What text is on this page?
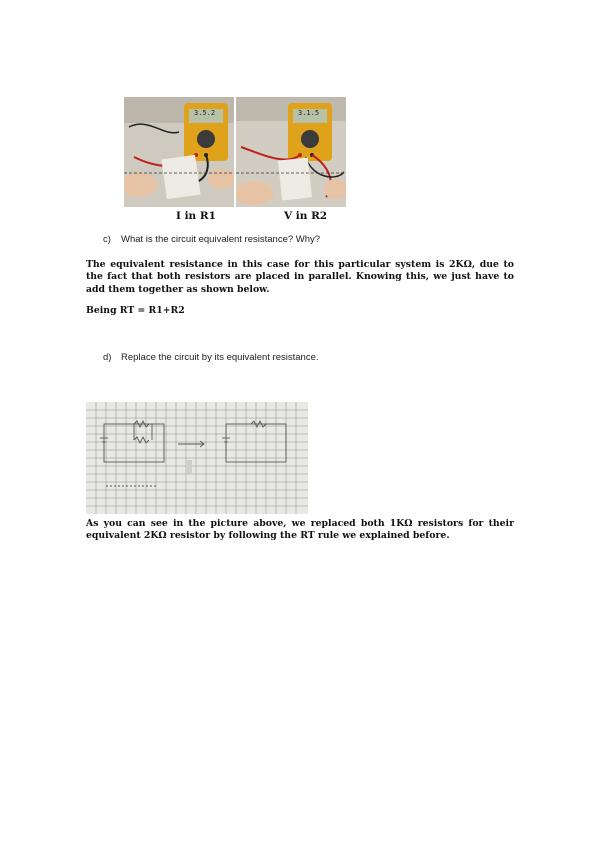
3.5.2	3.1.5
I in R1	V in R2
c) What is the circuit equivalent resistance? Why?
The equivalent resistance in this case for this particular system is 2KΩ, due to the fact that both resistors are placed in parallel. Knowing this, we just have to add them together as shown below.
Being RT = R1+R2
d) Replace the circuit by its equivalent resistance.
As you can see in the picture above, we replaced both 1KΩ resistors for their equivalent 2KΩ resistor by following the RT rule we explained before.
